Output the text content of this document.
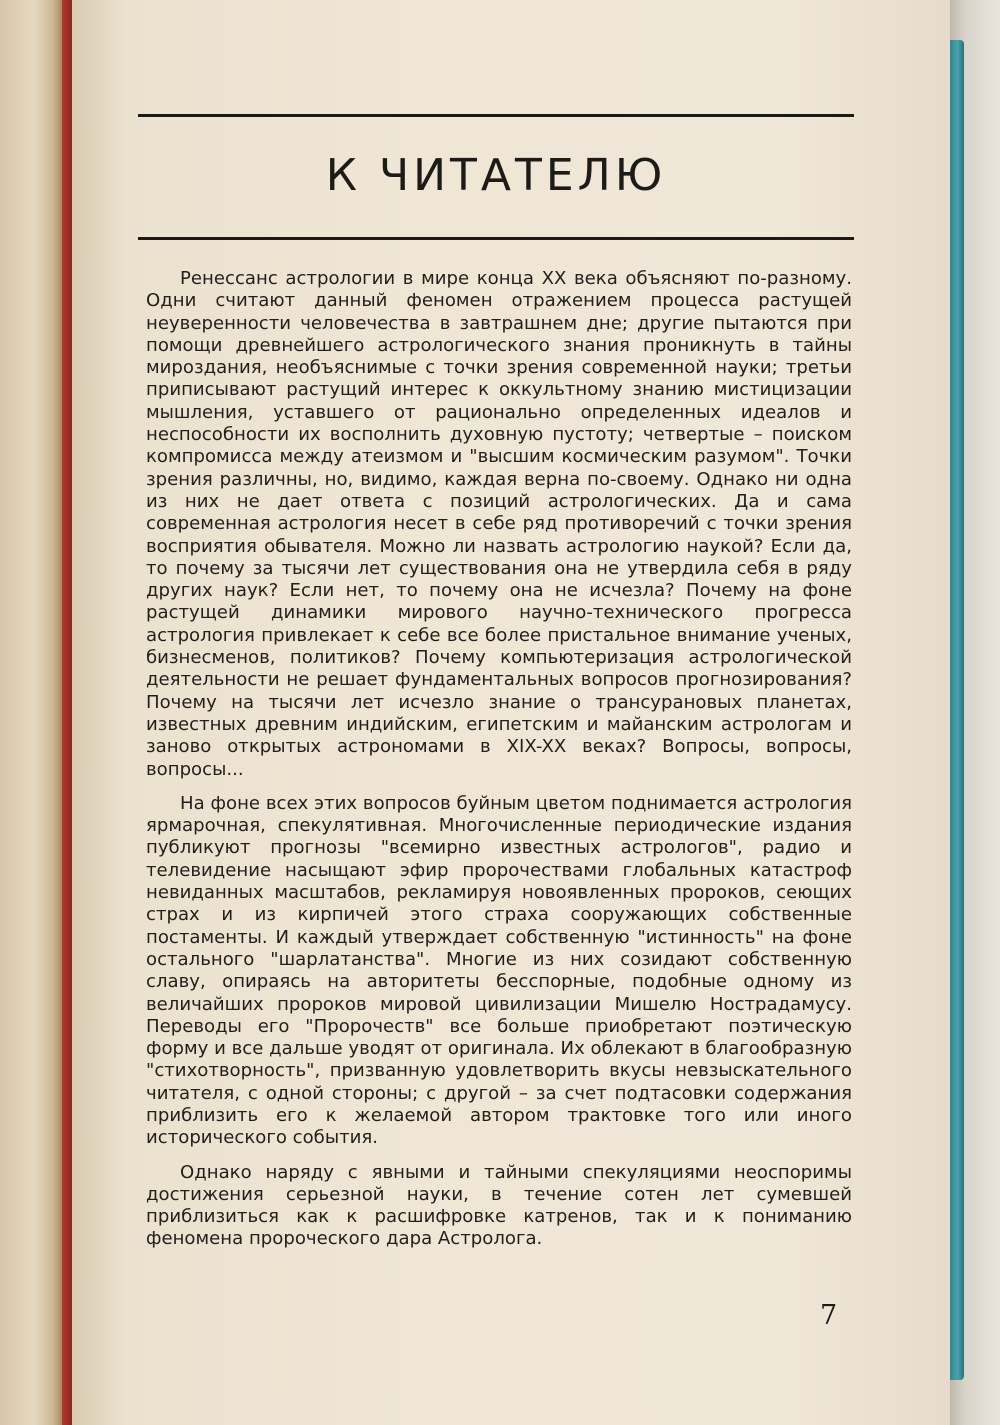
К ЧИТАТЕЛЮ

Ренессанс астрологии в мире конца XX века объясняют по-разному. Одни считают данный феномен отражением процесса растущей неуверенности человечества в завтрашнем дне; другие пытаются при помощи древнейшего астрологического знания проникнуть в тайны мироздания, необъяснимые с точки зрения современной науки; третьи приписывают растущий интерес к оккультному знанию мистицизации мышления, уставшего от рационально определенных идеалов и неспособности их восполнить духовную пустоту; четвертые – поиском компромисса между атеизмом и "высшим космическим разумом". Точки зрения различны, но, видимо, каждая верна по-своему. Однако ни одна из них не дает ответа с позиций астрологических. Да и сама современная астрология несет в себе ряд противоречий с точки зрения восприятия обывателя. Можно ли назвать астрологию наукой? Если да, то почему за тысячи лет существования она не утвердила себя в ряду других наук? Если нет, то почему она не исчезла? Почему на фоне растущей динамики мирового научно-технического прогресса астрология привлекает к себе все более пристальное внимание ученых, бизнесменов, политиков? Почему компьютеризация астрологической деятельности не решает фундаментальных вопросов прогнозирования? Почему на тысячи лет исчезло знание о трансурановых планетах, известных древним индийским, египетским и майанским астрологам и заново открытых астрономами в XIX-XX веках? Вопросы, вопросы, вопросы...

На фоне всех этих вопросов буйным цветом поднимается астрология ярмарочная, спекулятивная. Многочисленные периодические издания публикуют прогнозы "всемирно известных астрологов", радио и телевидение насыщают эфир пророчествами глобальных катастроф невиданных масштабов, рекламируя новоявленных пророков, сеющих страх и из кирпичей этого страха сооружающих собственные постаменты. И каждый утверждает собственную "истинность" на фоне остального "шарлатанства". Многие из них созидают собственную славу, опираясь на авторитеты бесспорные, подобные одному из величайших пророков мировой цивилизации Мишелю Нострадамусу. Переводы его "Пророчеств" все больше приобретают поэтическую форму и все дальше уводят от оригинала. Их облекают в благообразную "стихотворность", призванную удовлетворить вкусы невзыскательного читателя, с одной стороны; с другой – за счет подтасовки содержания приблизить его к желаемой автором трактовке того или иного исторического события.

Однако наряду с явными и тайными спекуляциями неоспоримы достижения серьезной науки, в течение сотен лет сумевшей приблизиться как к расшифровке катренов, так и к пониманию феномена пророческого дара Астролога.

7
